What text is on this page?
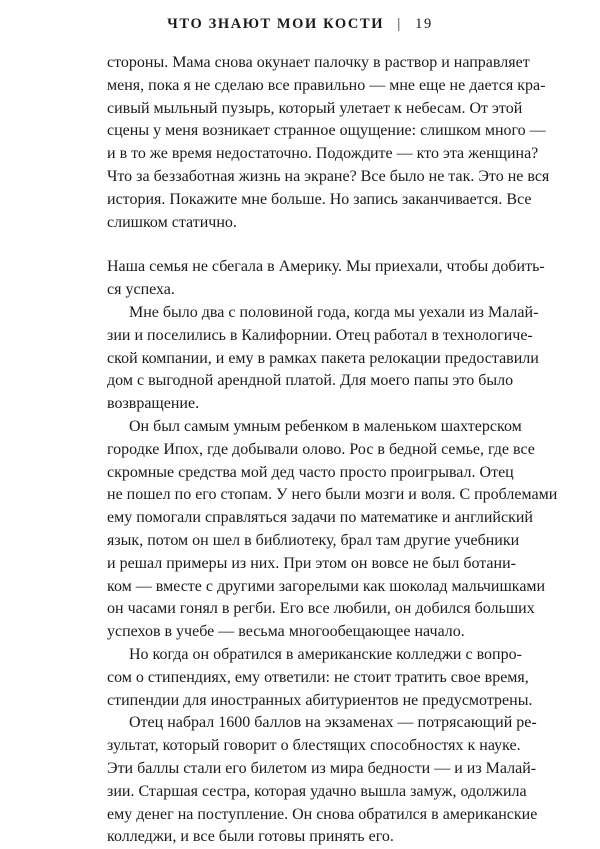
ЧТО ЗНАЮТ МОИ КОСТИ | 19
стороны. Мама снова окунает палочку в раствор и направляет
меня, пока я не сделаю все правильно — мне еще не дается кра-
сивый мыльный пузырь, который улетает к небесам. От этой
сцены у меня возникает странное ощущение: слишком много —
и в то же время недостаточно. Подождите — кто эта женщина?
Что за беззаботная жизнь на экране? Все было не так. Это не вся
история. Покажите мне больше. Но запись заканчивается. Все
слишком статично.
Наша семья не сбегала в Америку. Мы приехали, чтобы добить-
ся успеха.
Мне было два с половиной года, когда мы уехали из Малай-
зии и поселились в Калифорнии. Отец работал в технологиче-
ской компании, и ему в рамках пакета релокации предоставили
дом с выгодной арендной платой. Для моего папы это было
возвращение.
Он был самым умным ребенком в маленьком шахтерском
городке Ипох, где добывали олово. Рос в бедной семье, где все
скромные средства мой дед часто просто проигрывал. Отец
не пошел по его стопам. У него были мозги и воля. С проблемами
ему помогали справляться задачи по математике и английский
язык, потом он шел в библиотеку, брал там другие учебники
и решал примеры из них. При этом он вовсе не был ботани-
ком — вместе с другими загорелыми как шоколад мальчишками
он часами гонял в регби. Его все любили, он добился больших
успехов в учебе — весьма многообещающее начало.
Но когда он обратился в американские колледжи с вопро-
сом о стипендиях, ему ответили: не стоит тратить свое время,
стипендии для иностранных абитуриентов не предусмотрены.
Отец набрал 1600 баллов на экзаменах — потрясающий ре-
зультат, который говорит о блестящих способностях к науке.
Эти баллы стали его билетом из мира бедности — и из Малай-
зии. Старшая сестра, которая удачно вышла замуж, одолжила
ему денег на поступление. Он снова обратился в американские
колледжи, и все были готовы принять его.
